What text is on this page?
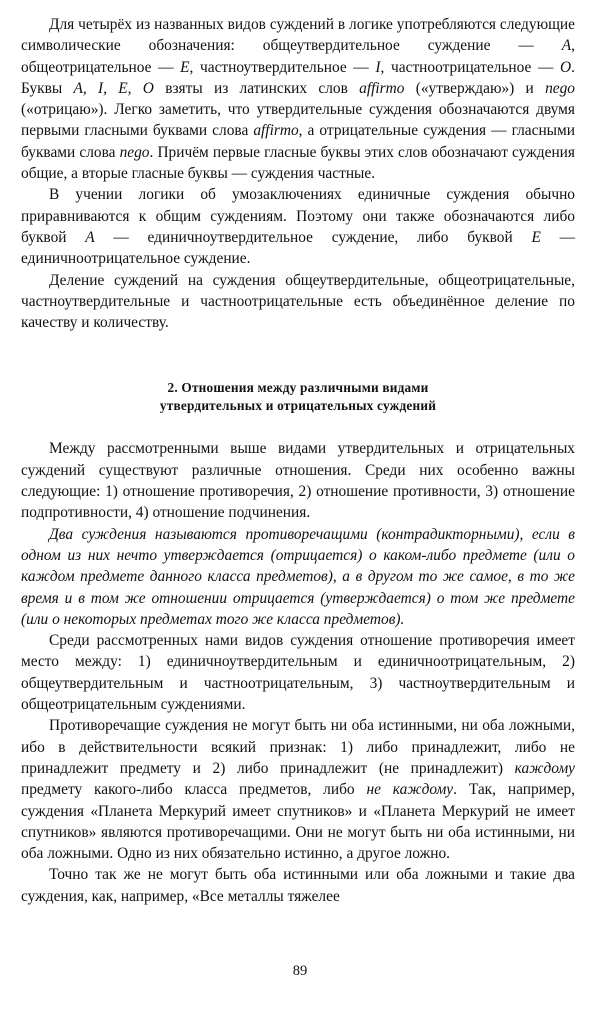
Для четырёх из названных видов суждений в логике употребляются следующие символические обозначения: общеутвердительное суждение — A, общеотрицательное — E, частноутвердительное — I, частноотрицательное — O. Буквы A, I, E, O взяты из латинских слов affirmo («утверждаю») и nego («отрицаю»). Легко заметить, что утвердительные суждения обозначаются двумя первыми гласными буквами слова affirmo, а отрицательные суждения — гласными буквами слова nego. Причём первые гласные буквы этих слов обозначают суждения общие, а вторые гласные буквы — суждения частные.

В учении логики об умозаключениях единичные суждения обычно приравниваются к общим суждениям. Поэтому они также обозначаются либо буквой A — единичноутвердительное суждение, либо буквой E — единичноотрицательное суждение.

Деление суждений на суждения общеутвердительные, общеотрицательные, частноутвердительные и частноотрицательные есть объединённое деление по качеству и количеству.

2. Отношения между различными видами

утвердительных и отрицательных суждений

Между рассмотренными выше видами утвердительных и отрицательных суждений существуют различные отношения. Среди них особенно важны следующие: 1) отношение противоречия, 2) отношение противности, 3) отношение подпротивности, 4) отношение подчинения.

Два суждения называются противоречащими (контрадикторными), если в одном из них нечто утверждается (отрицается) о каком-либо предмете (или о каждом предмете данного класса предметов), а в другом то же самое, в то же время и в том же отношении отрицается (утверждается) о том же предмете (или о некоторых предметах того же класса предметов).

Среди рассмотренных нами видов суждения отношение противоречия имеет место между: 1) единичноутвердительным и единичноотрицательным, 2) общеутвердительным и частноотрицательным, 3) частноутвердительным и общеотрицательным суждениями.

Противоречащие суждения не могут быть ни оба истинными, ни оба ложными, ибо в действительности всякий признак: 1) либо принадлежит, либо не принадлежит предмету и 2) либо принадлежит (не принадлежит) каждому предмету какого-либо класса предметов, либо не каждому. Так, например, суждения «Планета Меркурий имеет спутников» и «Планета Меркурий не имеет спутников» являются противоречащими. Они не могут быть ни оба истинными, ни оба ложными. Одно из них обязательно истинно, а другое ложно.

Точно так же не могут быть оба истинными или оба ложными и такие два суждения, как, например, «Все металлы тяжелее

89
